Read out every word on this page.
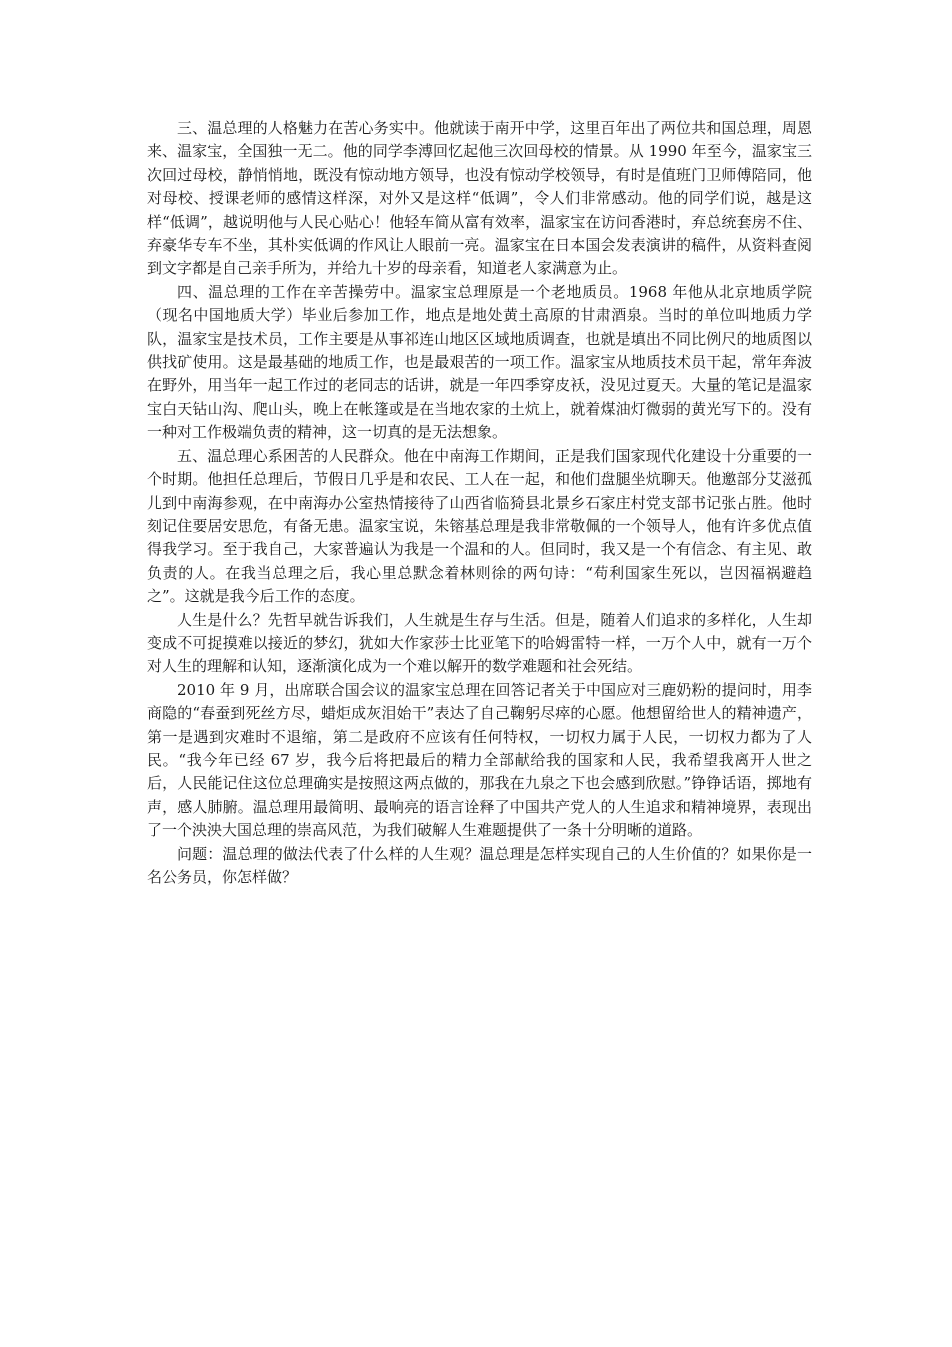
三、温总理的人格魅力在苦心务实中。他就读于南开中学，这里百年出了两位共和国总理，周恩来、温家宝，全国独一无二。他的同学李溥回忆起他三次回母校的情景。从 1990 年至今，温家宝三次回过母校，静悄悄地，既没有惊动地方领导，也没有惊动学校领导，有时是值班门卫师傅陪同，他对母校、授课老师的感情这样深，对外又是这样“低调”，令人们非常感动。他的同学们说，越是这样“低调”，越说明他与人民心贴心！他轻车简从富有效率，温家宝在访问香港时，弃总统套房不住、弃豪华专车不坐，其朴实低调的作风让人眼前一亮。温家宝在日本国会发表演讲的稿件，从资料查阅到文字都是自己亲手所为，并给九十岁的母亲看，知道老人家满意为止。

四、温总理的工作在辛苦操劳中。温家宝总理原是一个老地质员。1968 年他从北京地质学院（现名中国地质大学）毕业后参加工作，地点是地处黄土高原的甘肃酒泉。当时的单位叫地质力学队，温家宝是技术员，工作主要是从事祁连山地区区域地质调查，也就是填出不同比例尺的地质图以供找矿使用。这是最基础的地质工作，也是最艰苦的一项工作。温家宝从地质技术员干起，常年奔波在野外，用当年一起工作过的老同志的话讲，就是一年四季穿皮袄，没见过夏天。大量的笔记是温家宝白天钻山沟、爬山头，晚上在帐篷或是在当地农家的土炕上，就着煤油灯微弱的黄光写下的。没有一种对工作极端负责的精神，这一切真的是无法想象。

五、温总理心系困苦的人民群众。他在中南海工作期间，正是我们国家现代化建设十分重要的一个时期。他担任总理后，节假日几乎是和农民、工人在一起，和他们盘腿坐炕聊天。他邀部分艾滋孤儿到中南海参观，在中南海办公室热情接待了山西省临猗县北景乡石家庄村党支部书记张占胜。他时刻记住要居安思危，有备无患。温家宝说，朱镕基总理是我非常敬佩的一个领导人，他有许多优点值得我学习。至于我自己，大家普遍认为我是一个温和的人。但同时，我又是一个有信念、有主见、敢负责的人。在我当总理之后，我心里总默念着林则徐的两句诗：“苟利国家生死以，岂因福祸避趋之”。这就是我今后工作的态度。

人生是什么？先哲早就告诉我们，人生就是生存与生活。但是，随着人们追求的多样化，人生却变成不可捉摸难以接近的梦幻，犹如大作家莎士比亚笔下的哈姆雷特一样，一万个人中，就有一万个对人生的理解和认知，逐渐演化成为一个难以解开的数学难题和社会死结。

2010 年 9 月，出席联合国会议的温家宝总理在回答记者关于中国应对三鹿奶粉的提问时，用李商隐的“春蚕到死丝方尽，蜡炬成灰泪始干”表达了自己鞠躬尽瘁的心愿。他想留给世人的精神遗产，第一是遇到灾难时不退缩，第二是政府不应该有任何特权，一切权力属于人民，一切权力都为了人民。“我今年已经 67 岁，我今后将把最后的精力全部献给我的国家和人民，我希望我离开人世之后，人民能记住这位总理确实是按照这两点做的，那我在九泉之下也会感到欣慰。”铮铮话语，掷地有声，感人肺腑。温总理用最简明、最响亮的语言诠释了中国共产党人的人生追求和精神境界，表现出了一个泱泱大国总理的崇高风范，为我们破解人生难题提供了一条十分明晰的道路。

问题：温总理的做法代表了什么样的人生观？温总理是怎样实现自己的人生价值的？如果你是一名公务员，你怎样做？
